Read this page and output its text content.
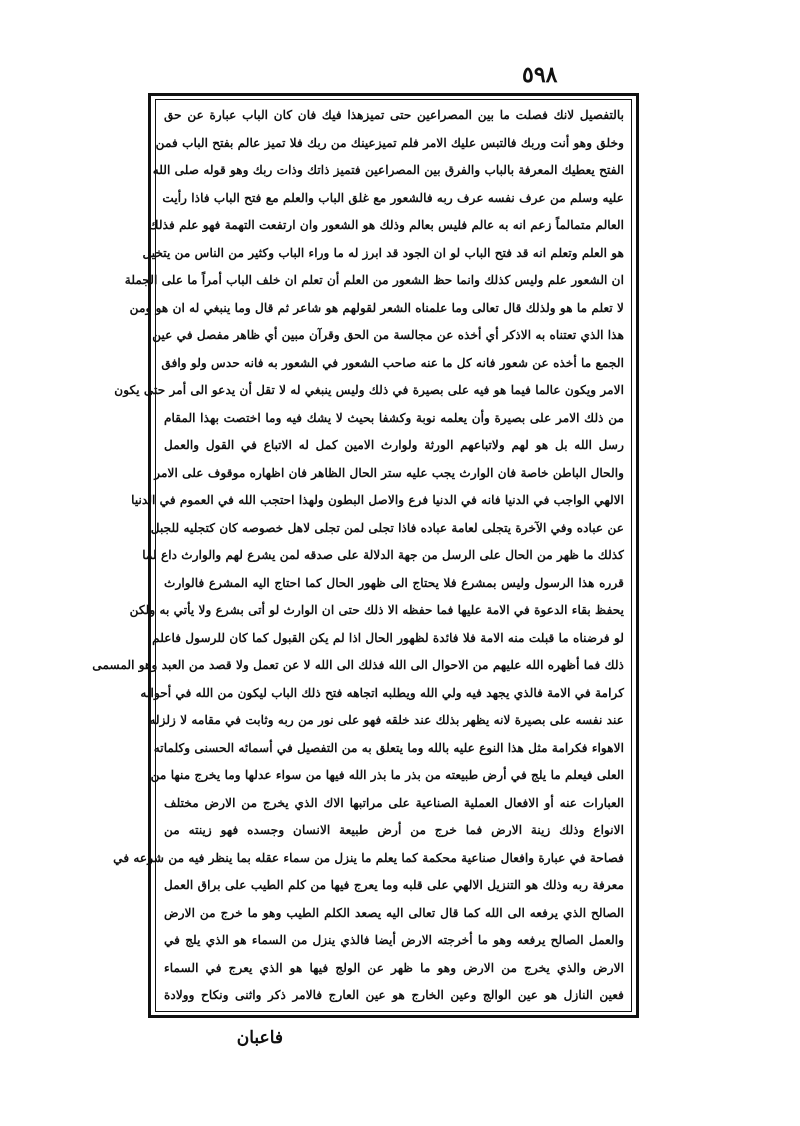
٥٩٨
بالتفصيل لانك فصلت ما بين المصراعين حتى تميزهذا فيك فان كان الباب عبارة عن حق
وخلق وهو أنت وربك فالتبس عليك الامر فلم تميزعينك من ربك فلا تميز عالم بفتح الباب فمن
الفتح يعطيك المعرفة بالباب والفرق بين المصراعين فتميز ذاتك وذات ربك وهو قوله صلى الله
عليه وسلم من عرف نفسه عرف ربه فالشعور مع غلق الباب والعلم مع فتح الباب فاذا رأيت
العالم متمالماً زعم انه به عالم فليس بعالم وذلك هو الشعور وان ارتفعت التهمة فهو علم فذلك
هو العلم وتعلم انه قد فتح الباب لو ان الجود قد ابرز له ما وراء الباب وكثير من الناس من يتخيل
ان الشعور علم وليس كذلك وانما حظ الشعور من العلم أن تعلم ان خلف الباب أمراً ما على الجملة
لا تعلم ما هو ولذلك قال تعالى وما علمناه الشعر لقولهم هو شاعر ثم قال وما ينبغي له ان هو ومن
هذا الذي تعتناه به الاذكر أي أخذه عن مجالسة من الحق وقرآن مبين أي ظاهر مفصل في عين
الجمع ما أخذه عن شعور فانه كل ما عنه صاحب الشعور في الشعور به فانه حدس ولو وافق
الامر ويكون عالما فيما هو فيه على بصيرة في ذلك وليس ينبغي له لا تقل أن يدعو الى أمر حتى يكون
من ذلك الامر على بصيرة وأن يعلمه نوبة وكشفا بحيث لا يشك فيه وما اختصت بهذا المقام
رسل الله بل هو لهم ولاتباعهم الورثة ولوارث الامين كمل له الاتباع في القول والعمل
والحال الباطن خاصة فان الوارث يجب عليه ستر الحال الظاهر فان اظهاره موقوف على الامر
الالهي الواجب في الدنيا فانه في الدنيا فرع والاصل البطون ولهذا احتجب الله في العموم في الدنيا
عن عباده وفي الآخرة يتجلى لعامة عباده فاذا تجلى لمن تجلى لاهل خصوصه كان كتجليه للجبل
كذلك ما ظهر من الحال على الرسل من جهة الدلالة على صدقه لمن يشرع لهم والوارث داع لما
قرره هذا الرسول وليس بمشرع فلا يحتاج الى ظهور الحال كما احتاج اليه المشرع فالوارث
يحفظ بقاء الدعوة في الامة عليها فما حفظه الا ذلك حتى ان الوارث لو أتى بشرع ولا يأتي به ولكن
لو فرضناه ما قبلت منه الامة فلا فائدة لظهور الحال اذا لم يكن القبول كما كان للرسول فاعلم
ذلك فما أظهره الله عليهم من الاحوال الى الله فذلك الى الله لا عن تعمل ولا قصد من العبد وهو المسمى
كرامة في الامة فالذي يجهد فيه ولي الله ويطلبه اتجاهه فتح ذلك الباب ليكون من الله في أحواله
عند نفسه على بصيرة لانه يظهر بذلك عند خلقه فهو على نور من ربه وثابت في مقامه لا زلزله
الاهواء فكرامة مثل هذا النوع عليه بالله وما يتعلق به من التفصيل في أسمائه الحسنى وكلماته
العلى فيعلم ما يلج في أرض طبيعته من بذر ما بذر الله فيها من سواء عدلها وما يخرج منها من
العبارات عنه أو الافعال العملية الصناعية على مراتبها الاك الذي يخرج من الارض مختلف
الانواع وذلك زينة الارض فما خرج من أرض طبيعة الانسان وجسده فهو زينته من
فصاحة في عبارة وافعال صناعية محكمة كما يعلم ما ينزل من سماء عقله بما ينظر فيه من شرعه في
معرفة ربه وذلك هو التنزيل الالهي على قلبه وما يعرج فيها من كلم الطيب على براق العمل
الصالح الذي يرفعه الى الله كما قال تعالى اليه يصعد الكلم الطيب وهو ما خرج من الارض
والعمل الصالح يرفعه وهو ما أخرجته الارض أيضا فالذي ينزل من السماء هو الذي يلج في
الارض والذي يخرج من الارض وهو ما ظهر عن الولج فيها هو الذي يعرج في السماء
فعين النازل هو عين الوالج وعين الخارج هو عين العارج فالامر ذكر واثنى ونكاح وولادة
فاعبان
